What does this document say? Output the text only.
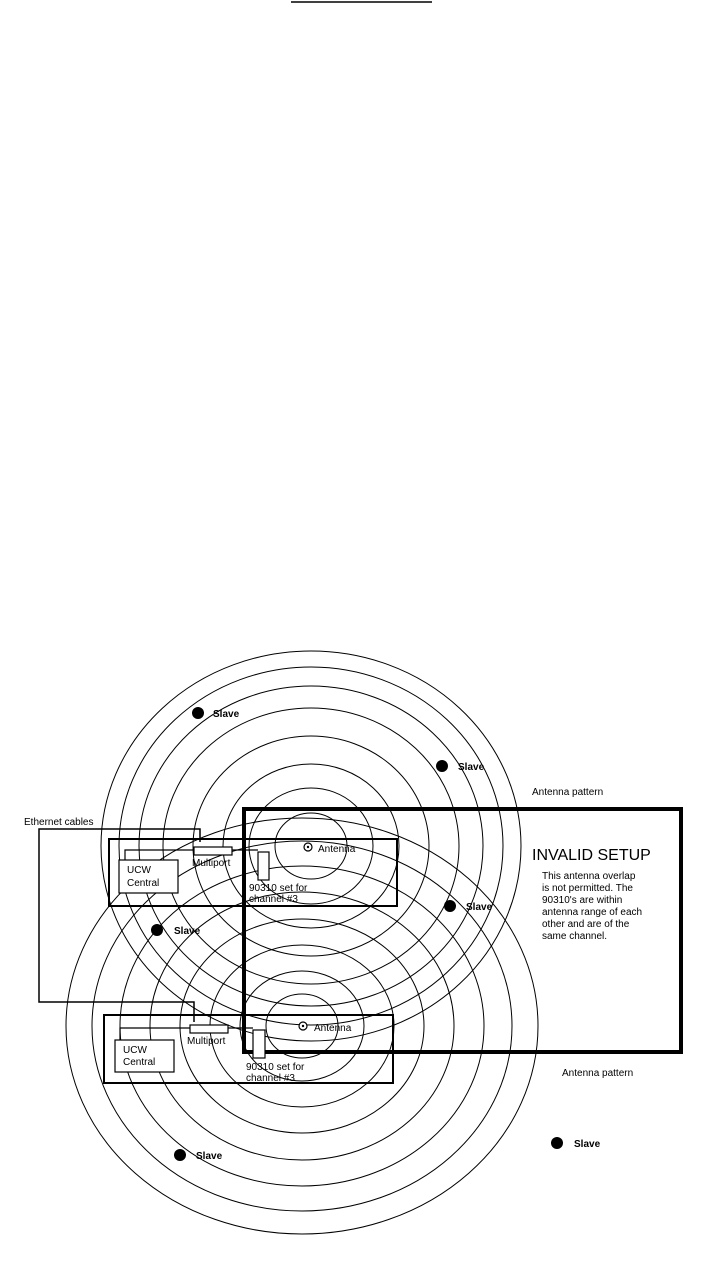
INVALID SETUP
This antenna overlap is not permitted. The 90310's are within antenna range of each other and are of the same channel.
Ethernet cables
UCW
Central
Multiport
90310 set for channel #3
Antenna
UCW
Central
Multiport
90310 set for channel #3
Antenna
Antenna pattern
Antenna pattern
Slave
Slave
Slave
Slave
Slave
Slave
